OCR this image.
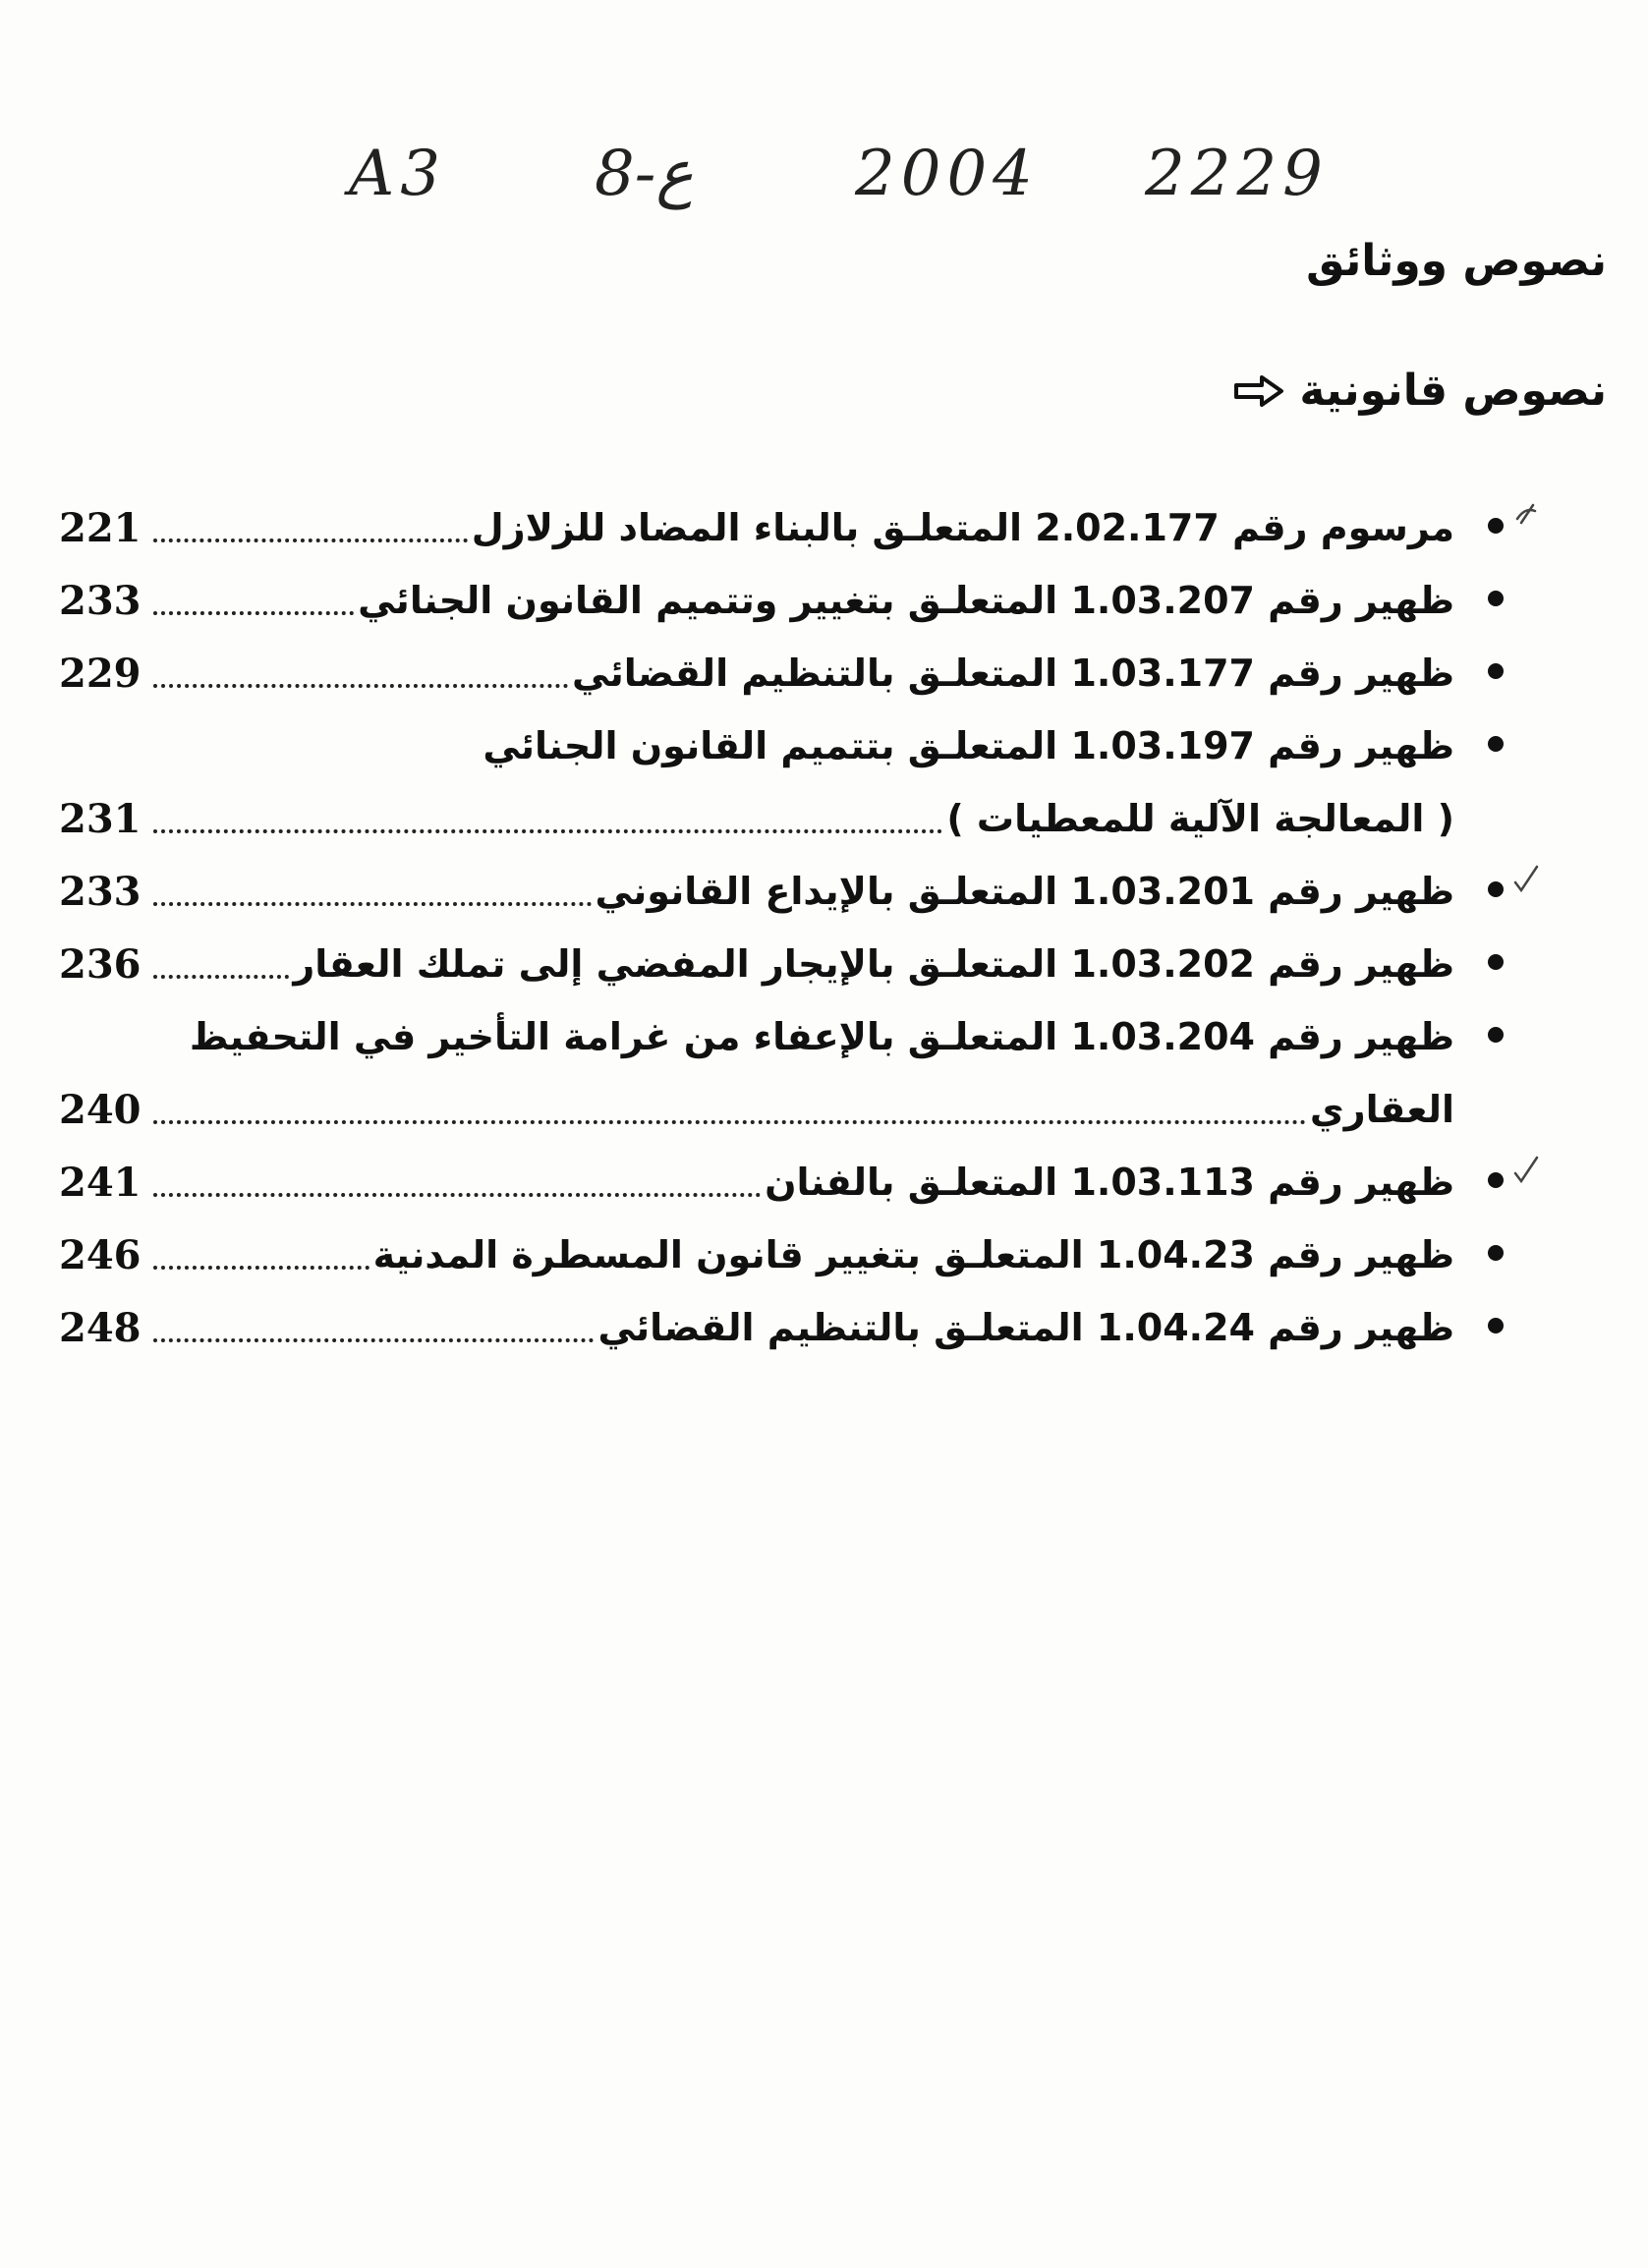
A3 8-ع	2004 2229
نصوص ووثائق
نصوص قانونية
مرسوم رقم 2.02.177 المتعلـق بالبناء المضاد للزلازل
221
ظهير رقم 1.03.207 المتعلـق بتغيير وتتميم القانون الجنائي
233
ظهير رقم 1.03.177 المتعلـق بالتنظيم القضائي
229
ظهير رقم 1.03.197 المتعلـق بتتميم القانون الجنائي
( المعالجة الآلية للمعطيات )
231
ظهير رقم 1.03.201 المتعلـق بالإيداع القانوني
233
ظهير رقم 1.03.202 المتعلـق بالإيجار المفضي إلى تملك العقار
236
ظهير رقم 1.03.204 المتعلـق بالإعفاء من غرامة التأخير في التحفيظ
العقاري
240
ظهير رقم 1.03.113 المتعلـق بالفنان
241
ظهير رقم 1.04.23 المتعلـق بتغيير قانون المسطرة المدنية
246
ظهير رقم 1.04.24 المتعلـق بالتنظيم القضائي
248
